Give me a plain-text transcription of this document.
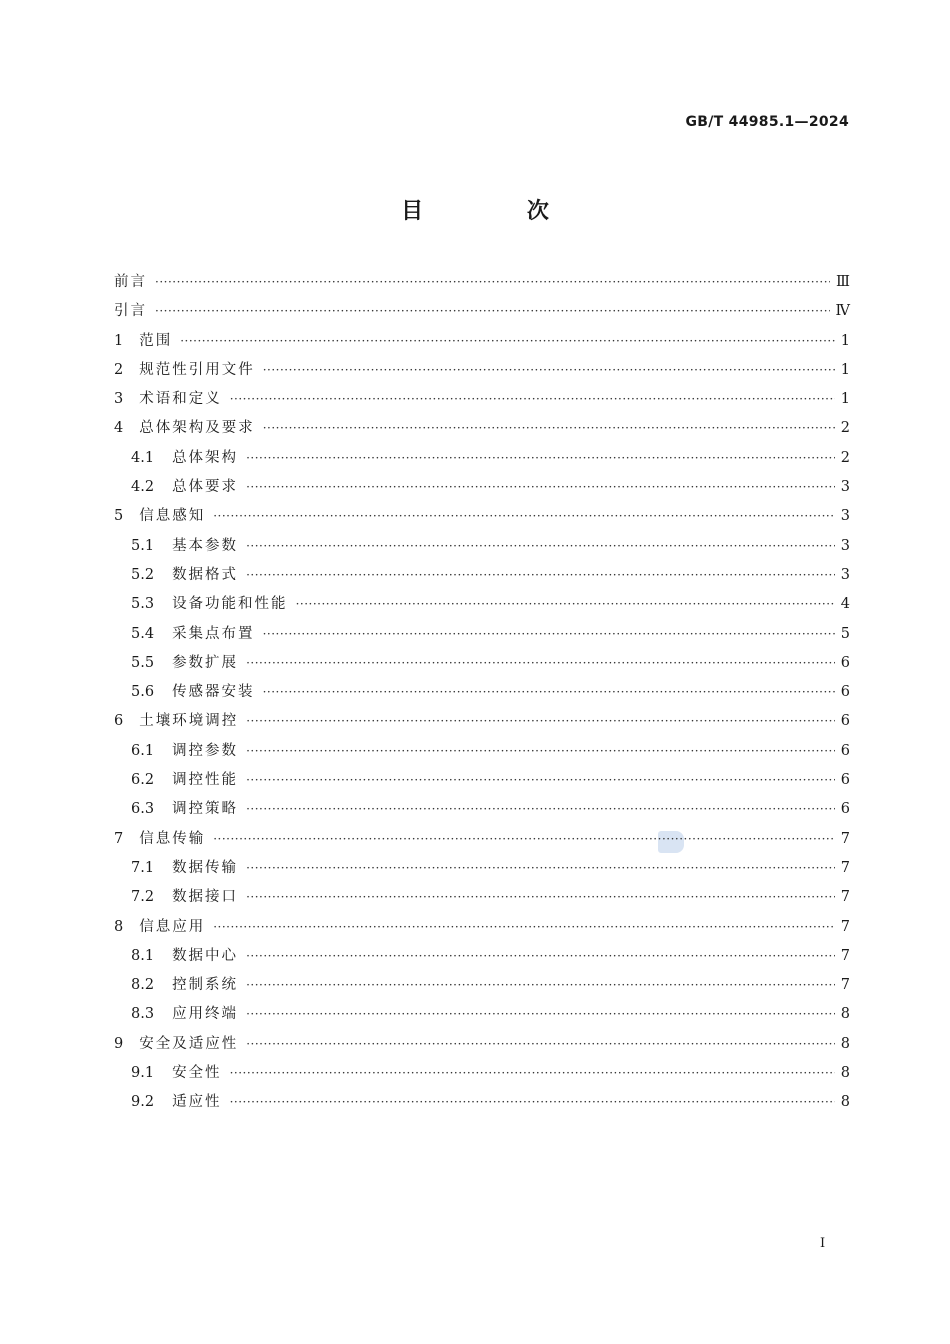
GB/T 44985.1—2024
目 次
前言 ·····	Ⅲ
引言 ·····	Ⅳ
1 范围 ·····	1
2 规范性引用文件 ·····	1
3 术语和定义 ·····	1
4 总体架构及要求 ·····	2
4.1 总体架构 ·····	2
4.2 总体要求 ·····	3
5 信息感知 ·····	3
5.1 基本参数 ·····	3
5.2 数据格式 ·····	3
5.3 设备功能和性能 ·····	4
5.4 采集点布置 ·····	5
5.5 参数扩展 ·····	6
5.6 传感器安装 ·····	6
6 土壤环境调控 ·····	6
6.1 调控参数 ·····	6
6.2 调控性能 ·····	6
6.3 调控策略 ·····	6
7 信息传输 ·····	7
7.1 数据传输 ·····	7
7.2 数据接口 ·····	7
8 信息应用 ·····	7
8.1 数据中心 ·····	7
8.2 控制系统 ·····	7
8.3 应用终端 ·····	8
9 安全及适应性 ·····	8
9.1 安全性 ·····	8
9.2 适应性 ·····	8
Ⅰ
